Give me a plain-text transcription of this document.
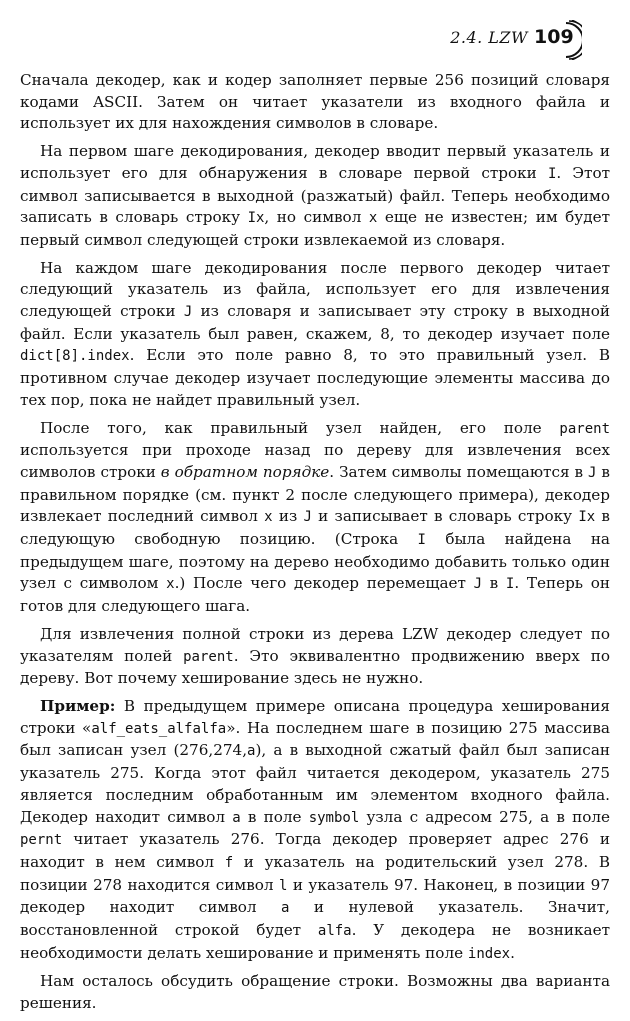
2.4. LZW 109

Сначала декодер, как и кодер заполняет первые 256 позиций словаря кодами ASCII. Затем он читает указатели из входного файла и использует их для нахождения символов в словаре.

На первом шаге декодирования, декодер вводит первый указатель и использует его для обнаружения в словаре первой строки I. Этот символ записывается в выходной (разжатый) файл. Теперь необходимо записать в словарь строку Ix, но символ x еще не известен; им будет первый символ следующей строки извлекаемой из словаря.

На каждом шаге декодирования после первого декодер читает следующий указатель из файла, использует его для извлечения следующей строки J из словаря и записывает эту строку в выходной файл. Если указатель был равен, скажем, 8, то декодер изучает поле dict[8].index. Если это поле равно 8, то это правильный узел. В противном случае декодер изучает последующие элементы массива до тех пор, пока не найдет правильный узел.

После того, как правильный узел найден, его поле parent используется при проходе назад по дереву для извлечения всех символов строки в обратном порядке. Затем символы помещаются в J в правильном порядке (см. пункт 2 после следующего примера), декодер извлекает последний символ x из J и записывает в словарь строку Ix в следующую свободную позицию. (Строка I была найдена на предыдущем шаге, поэтому на дерево необходимо добавить только один узел с символом x.) После чего декодер перемещает J в I. Теперь он готов для следующего шага.

Для извлечения полной строки из дерева LZW декодер следует по указателям полей parent. Это эквивалентно продвижению вверх по дереву. Вот почему хеширование здесь не нужно.

Пример: В предыдущем примере описана процедура хеширования строки «alf_eats_alfalfa». На последнем шаге в позицию 275 массива был записан узел (276,274,a), а в выходной сжатый файл был записан указатель 275. Когда этот файл читается декодером, указатель 275 является последним обработанным им элементом входного файла. Декодер находит символ a в поле symbol узла с адресом 275, а в поле pernt читает указатель 276. Тогда декодер проверяет адрес 276 и находит в нем символ f и указатель на родительский узел 278. В позиции 278 находится символ l и указатель 97. Наконец, в позиции 97 декодер находит символ a и нулевой указатель. Значит, восстановленной строкой будет alfa. У декодера не возникает необходимости делать хеширование и применять поле index.

Нам осталось обсудить обращение строки. Возможны два варианта решения.
